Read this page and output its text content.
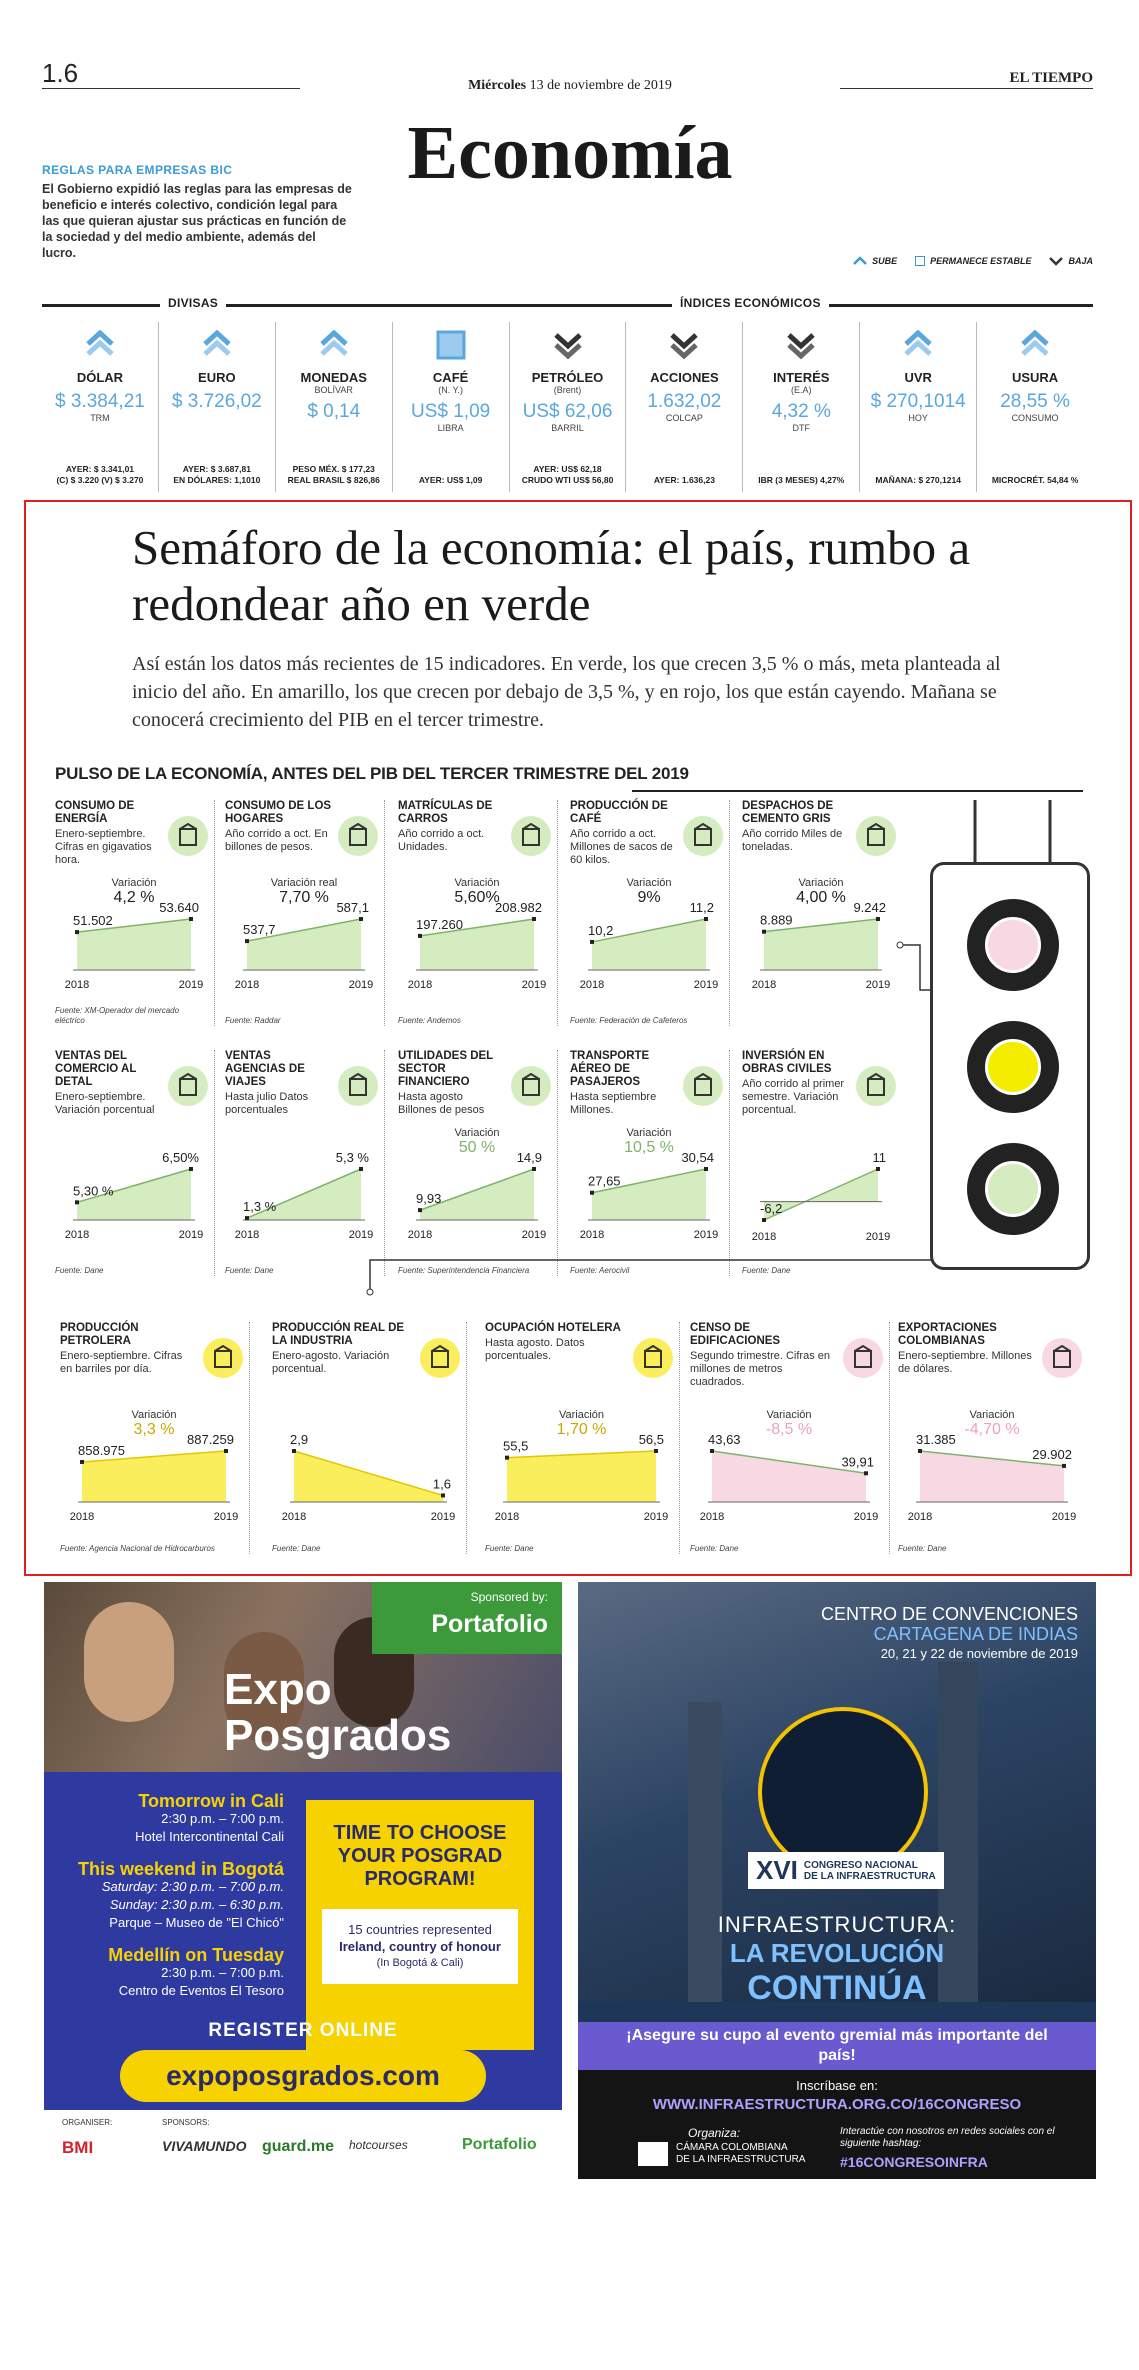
1.6	Miércoles 13 de noviembre de 2019	EL TIEMPO
Economía
REGLAS PARA EMPRESAS BIC
El Gobierno expidió las reglas para las empresas de beneficio e interés colectivo, condición legal para las que quieran ajustar sus prácticas en función de la sociedad y del medio ambiente, además del lucro.
SUBE	PERMANECE ESTABLE	BAJA
DIVISAS	ÍNDICES ECONÓMICOS
DÓLAR
$ 3.384,21
TRM
AYER: $ 3.341,01
(C) $ 3.220 (V) $ 3.270
EURO
$ 3.726,02
AYER: $ 3.687,81
EN DÓLARES: 1,1010
MONEDAS
BOLÍVAR
$ 0,14
PESO MÉX. $ 177,23
REAL BRASIL $ 826,86
CAFÉ
(N. Y.)
US$ 1,09
LIBRA
AYER: US$ 1,09
PETRÓLEO
(Brent)
US$ 62,06
BARRIL
AYER: US$ 62,18
CRUDO WTI US$ 56,80
ACCIONES
1.632,02
COLCAP
AYER: 1.636,23
INTERÉS
(E.A)
4,32 %
DTF
IBR (3 MESES) 4,27%
UVR
$ 270,1014
HOY
MAÑANA: $ 270,1214
USURA
28,55 %
CONSUMO
MICROCRÉT. 54,84 %
Semáforo de la economía: el país, rumbo a redondear año en verde
Así están los datos más recientes de 15 indicadores. En verde, los que crecen 3,5 % o más, meta planteada al inicio del año. En amarillo, los que crecen por debajo de 3,5 %, y en rojo, los que están cayendo. Mañana se conocerá crecimiento del PIB en el tercer trimestre.
PULSO DE LA ECONOMÍA, ANTES DEL PIB DEL TERCER TRIMESTRE DEL 2019
CONSUMO DE ENERGÍA
Enero-septiembre. Cifras en gigavatios hora.
Fuente: XM-Operador del mercado eléctrico
51.502
2018
53.640
2019
Variación
4,2 %
CONSUMO DE LOS HOGARES
Año corrido a oct. En billones de pesos.
Fuente: Raddar
537,7
2018
587,1
2019
Variación real
7,70 %
MATRÍCULAS DE CARROS
Año corrido a oct. Unidades.
Fuente: Andemos
197.260
2018
208.982
2019
Variación
5,60%
PRODUCCIÓN DE CAFÉ
Año corrido a oct. Millones de sacos de 60 kilos.
Fuente: Federación de Cafeteros
10,2
2018
11,2
2019
Variación
9%
DESPACHOS DE CEMENTO GRIS
Año corrido Miles de toneladas.
8.889
2018
9.242
2019
Variación
4,00 %
VENTAS DEL COMERCIO AL DETAL
Enero-septiembre. Variación porcentual
Fuente: Dane
5,30 %
2018
6,50%
2019
VENTAS AGENCIAS DE VIAJES
Hasta julio Datos porcentuales
Fuente: Dane
1,3 %
2018
5,3 %
2019
UTILIDADES DEL SECTOR FINANCIERO
Hasta agosto Billones de pesos
Fuente: Superintendencia Financiera
9,93
2018
14,9
2019
Variación
50 %
TRANSPORTE AÉREO DE PASAJEROS
Hasta septiembre Millones.
Fuente: Aerocivil
27,65
2018
30,54
2019
Variación
10,5 %
INVERSIÓN EN OBRAS CIVILES
Año corrido al primer semestre. Variación porcentual.
Fuente: Dane
-6,2
2018
11
2019
PRODUCCIÓN PETROLERA
Enero-septiembre. Cifras en barriles por día.
Fuente: Agencia Nacional de Hidrocarburos
858.975
2018
887.259
2019
Variación
3,3 %
PRODUCCIÓN REAL DE LA INDUSTRIA
Enero-agosto. Variación porcentual.
Fuente: Dane
2,9
2018
1,6
2019
OCUPACIÓN HOTELERA
Hasta agosto. Datos porcentuales.
Fuente: Dane
55,5
2018
56,5
2019
Variación
1,70 %
CENSO DE EDIFICACIONES
Segundo trimestre. Cifras en millones de metros cuadrados.
Fuente: Dane
43,63
2018
39,91
2019
Variación
-8,5 %
EXPORTACIONES COLOMBIANAS
Enero-septiembre. Millones de dólares.
Fuente: Dane
31.385
2018
29.902
2019
Variación
-4,70 %
Sponsored by:
Portafolio
Expo
Posgrados
Tomorrow in Cali
2:30 p.m. – 7:00 p.m.
Hotel Intercontinental Cali
This weekend in Bogotá
Saturday: 2:30 p.m. – 7:00 p.m.
Sunday: 2:30 p.m. – 6:30 p.m.
Parque – Museo de "El Chicó"
Medellín on Tuesday
2:30 p.m. – 7:00 p.m.
Centro de Eventos El Tesoro
TIME TO CHOOSE YOUR POSGRAD PROGRAM!
15 countries represented
Ireland, country of honour
(In Bogotá & Cali)
REGISTER ONLINE
expoposgrados.com
ORGANISER:	SPONSORS:
BMI	VIVAMUNDO guard.me hotcourses	Portafolio
CENTRO DE CONVENCIONES
CARTAGENA DE INDIAS
20, 21 y 22 de noviembre de 2019
XVI CONGRESO NACIONAL
DE LA INFRAESTRUCTURA
INFRAESTRUCTURA:
LA REVOLUCIÓN
CONTINÚA
¡Asegure su cupo al evento gremial más importante del país!
Inscríbase en:
WWW.INFRAESTRUCTURA.ORG.CO/16CONGRESO
Organiza:
CÁMARA COLOMBIANA
DE LA INFRAESTRUCTURA
Interactúe con nosotros en redes sociales con el siguiente hashtag:
#16CONGRESOINFRA
